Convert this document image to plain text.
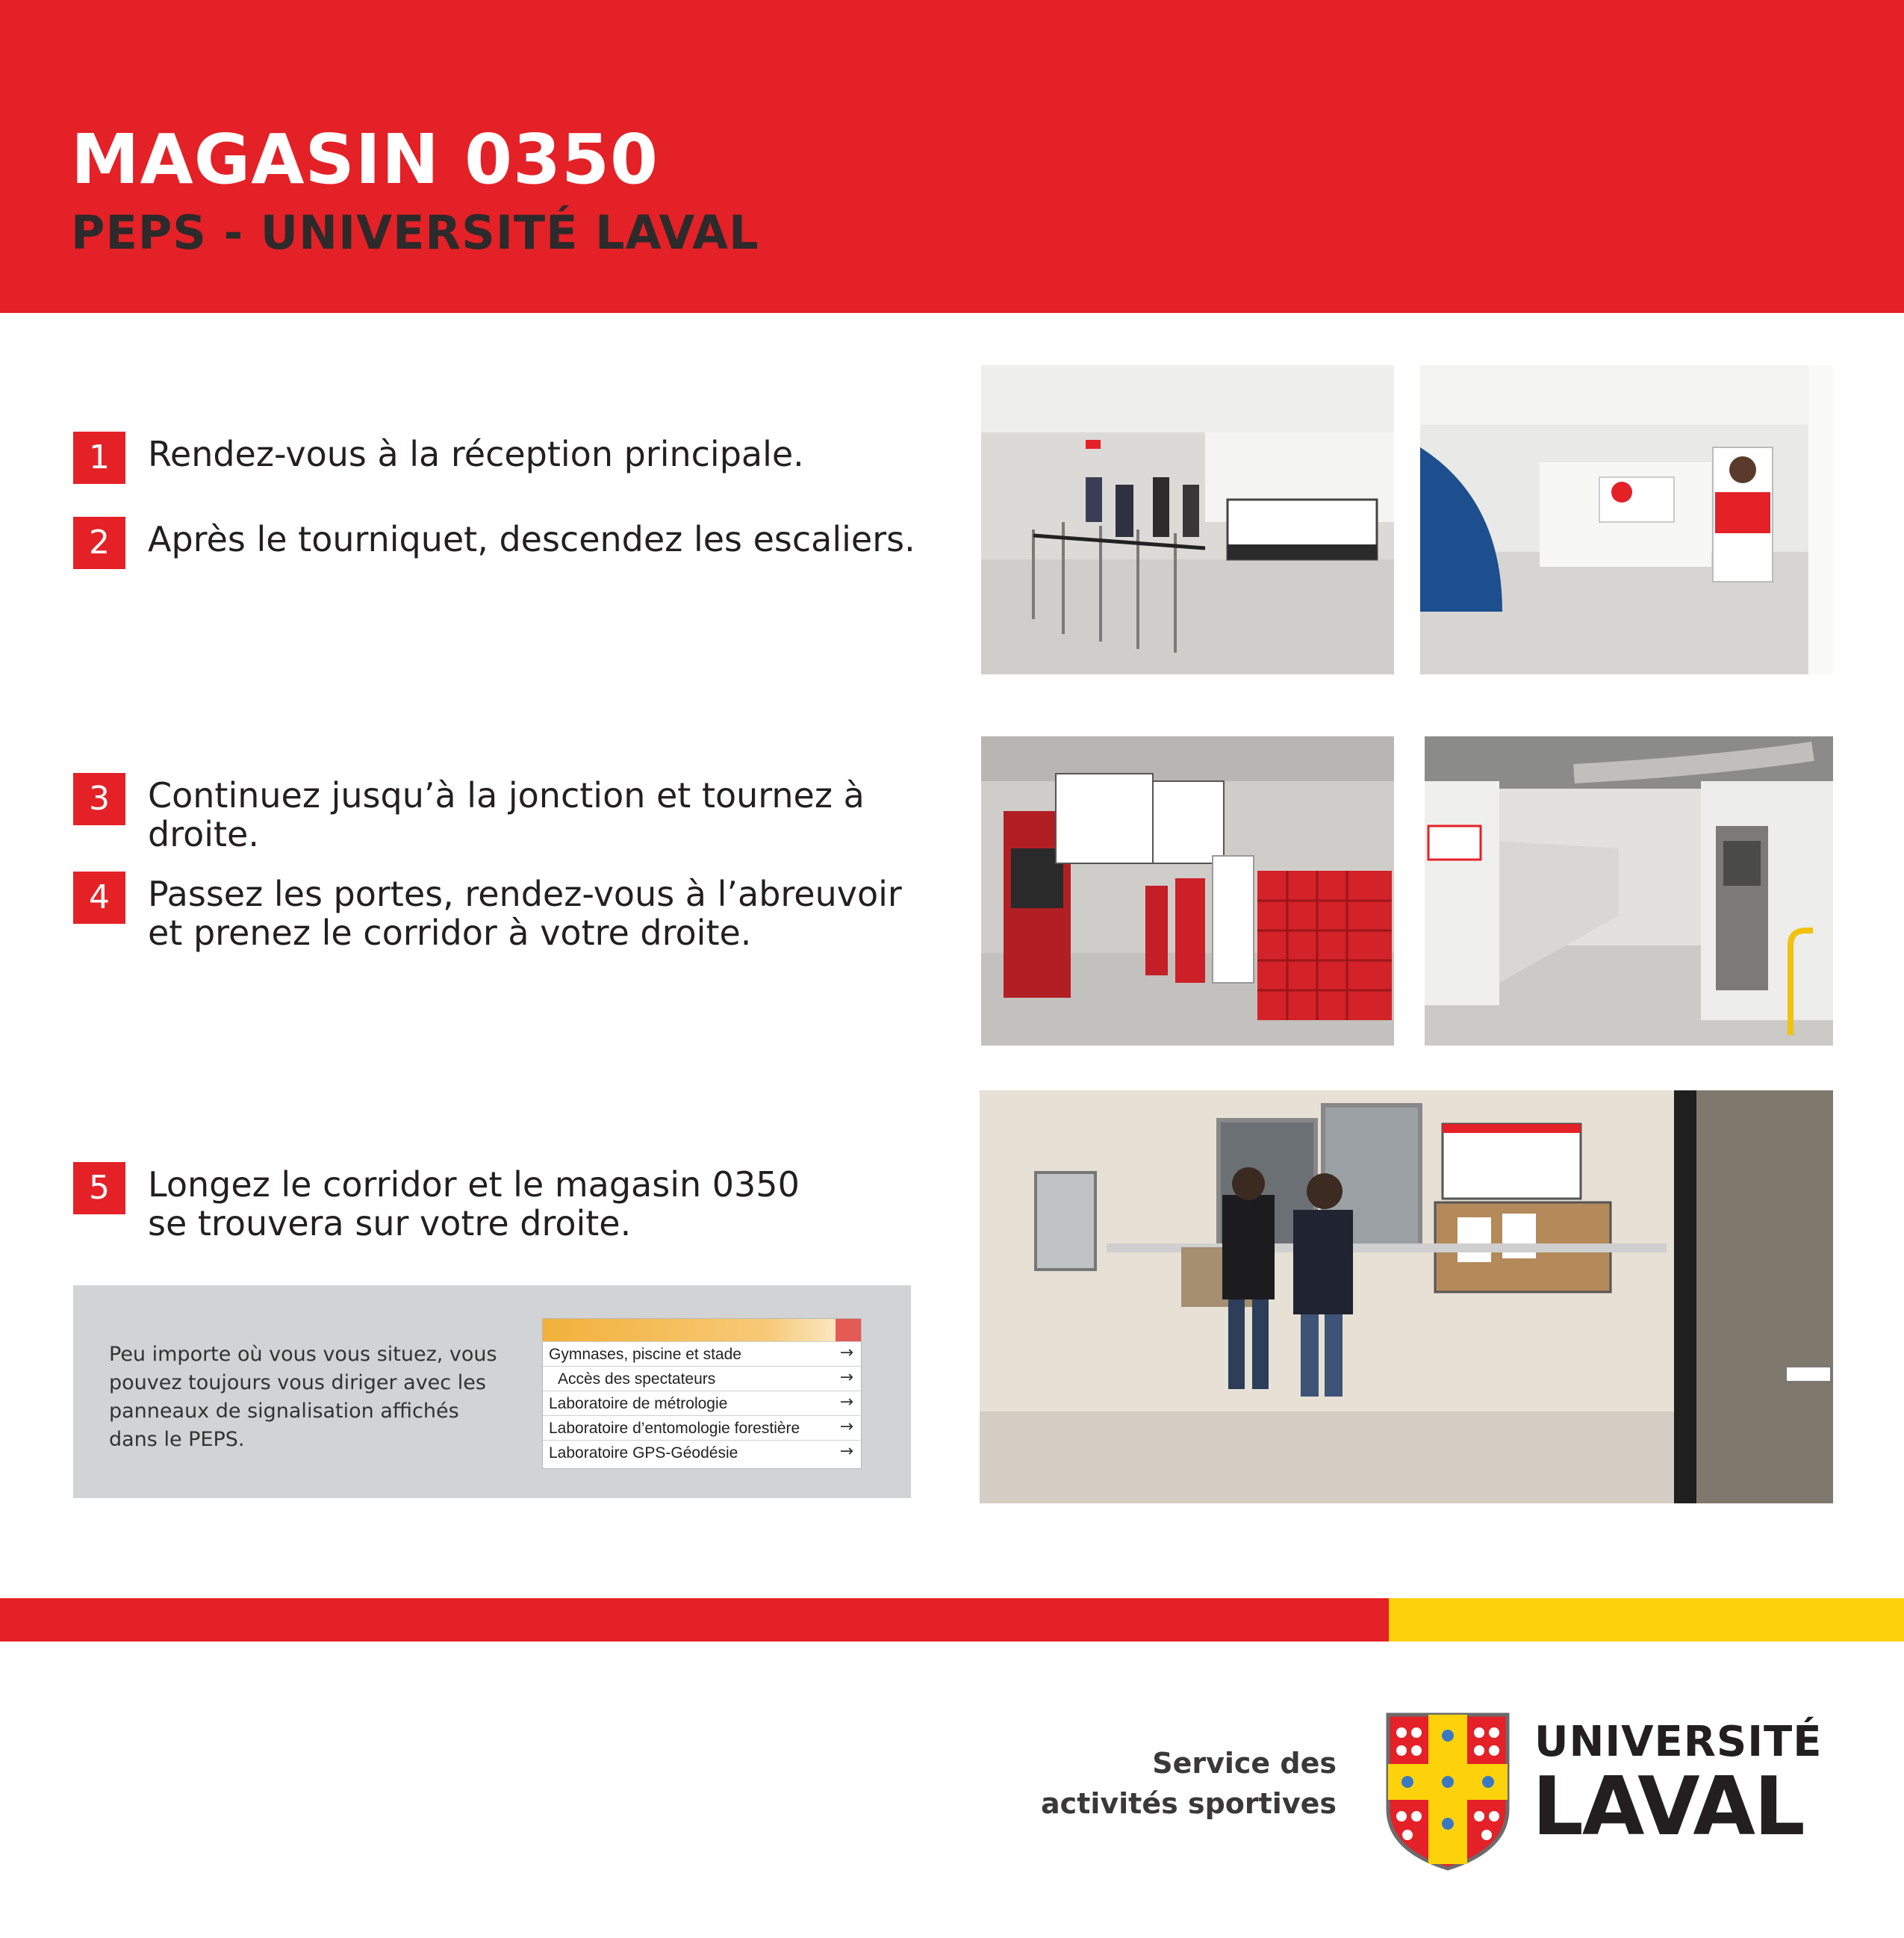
MAGASIN 0350
PEPS - UNIVERSITÉ LAVAL
1	Rendez-vous à la réception principale.
2	Après le tourniquet, descendez les escaliers.
3	Continuez jusqu’à la jonction et tournez à droite.
4	Passez les portes, rendez-vous à l’abreuvoir et prenez le corridor à votre droite.
5	Longez le corridor et le magasin 0350 se trouvera sur votre droite.
Peu importe où vous vous situez, vous pouvez toujours vous diriger avec les panneaux de signalisation affichés dans le PEPS.
Gymnases, piscine et stade	→
Accès des spectateurs	→
Laboratoire de métrologie	→
Laboratoire d’entomologie forestière →
Laboratoire GPS-Géodésie	→
Service des
activités sportives
UNIVERSITÉ
LAVAL
